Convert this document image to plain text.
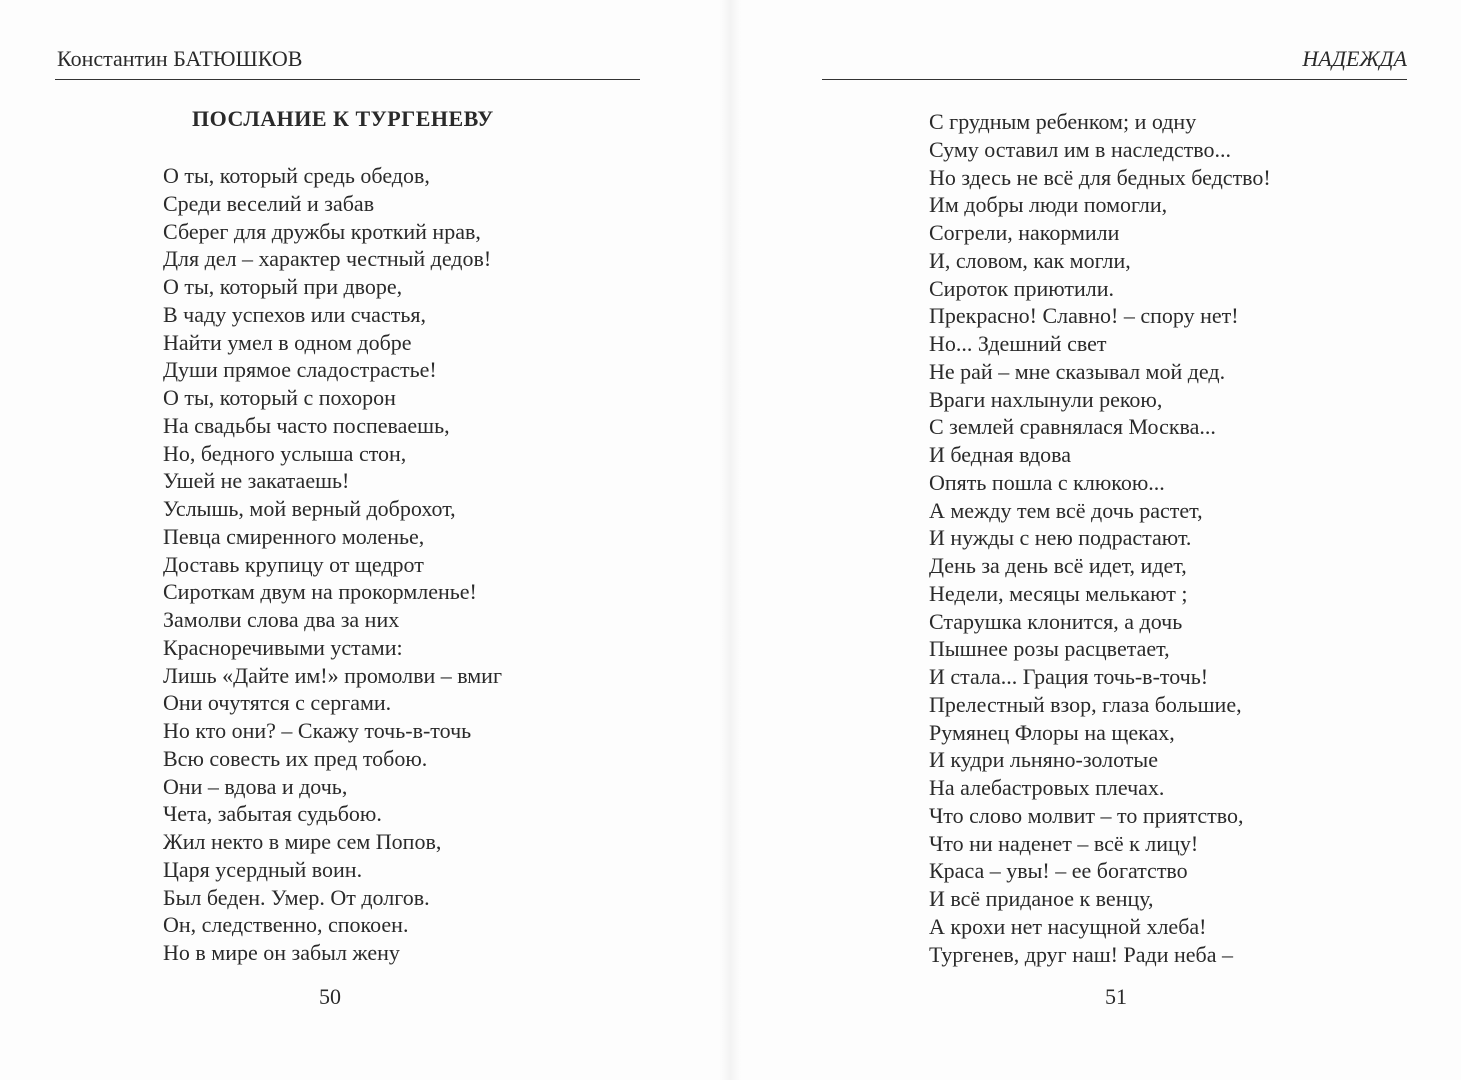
Константин БАТЮШКОВ
ПОСЛАНИЕ К ТУРГЕНЕВУ
О ты, который средь обедов,
Среди веселий и забав
Сберег для дружбы кроткий нрав,
Для дел – характер честный дедов!
О ты, который при дворе,
В чаду успехов или счастья,
Найти умел в одном добре
Души прямое сладострастье!
О ты, который с похорон
На свадьбы часто поспеваешь,
Но, бедного услыша стон,
Ушей не закатаешь!
Услышь, мой верный доброхот,
Певца смиренного моленье,
Доставь крупицу от щедрот
Сироткам двум на прокормленье!
Замолви слова два за них
Красноречивыми устами:
Лишь «Дайте им!» промолви – вмиг
Они очутятся с сергами.
Но кто они? – Скажу точь-в-точь
Всю совесть их пред тобою.
Они – вдова и дочь,
Чета, забытая судьбою.
Жил некто в мире сем Попов,
Царя усердный воин.
Был беден. Умер. От долгов.
Он, следственно, спокоен.
Но в мире он забыл жену
50
НАДЕЖДА
С грудным ребенком; и одну
Суму оставил им в наследство...
Но здесь не всё для бедных бедство!
Им добры люди помогли,
Согрели, накормили
И, словом, как могли,
Сироток приютили.
Прекрасно! Славно! – спору нет!
Но... Здешний свет
Не рай – мне сказывал мой дед.
Враги нахлынули рекою,
С землей сравнялася Москва...
И бедная вдова
Опять пошла с клюкою...
А между тем всё дочь растет,
И нужды с нею подрастают.
День за день всё идет, идет,
Недели, месяцы мелькают ;
Старушка клонится, а дочь
Пышнее розы расцветает,
И стала... Грация точь-в-точь!
Прелестный взор, глаза большие,
Румянец Флоры на щеках,
И кудри льняно-золотые
На алебастровых плечах.
Что слово молвит – то приятство,
Что ни наденет – всё к лицу!
Краса – увы! – ее богатство
И всё приданое к венцу,
А крохи нет насущной хлеба!
Тургенев, друг наш! Ради неба –
51
